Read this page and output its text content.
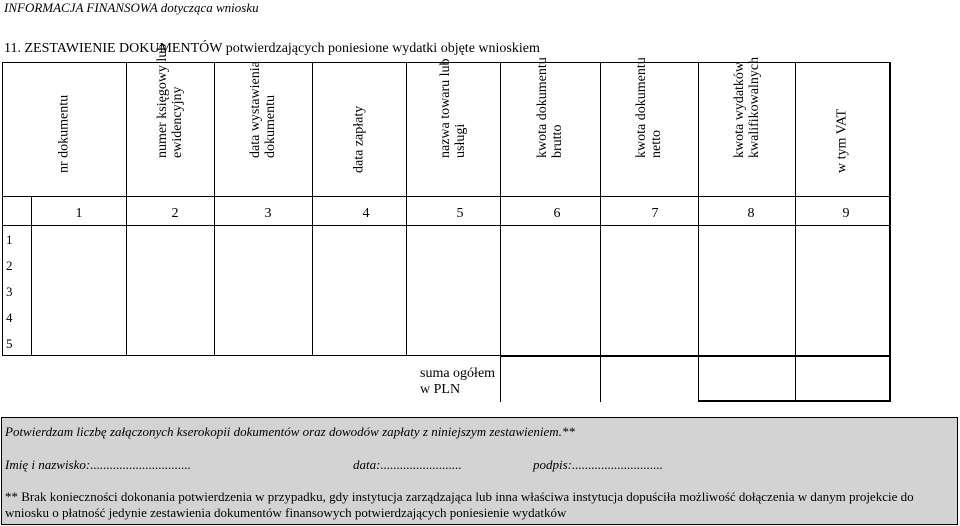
INFORMACJA FINANSOWA dotycząca wniosku
11. ZESTAWIENIE DOKUMENTÓW potwierdzających poniesione wydatki objęte wnioskiem
nr dokumentu	numer księgowy lub ewidencyjny	data wystawienia dokumentu	data zapłaty	nazwa towaru lub usługi	kwota dokumentu brutto	kwota dokumentu netto	kwota wydatków kwalifikowalnych	w tym VAT
1	2	3	4	5	6	7	8	9
1
2
3
4
5
suma ogółem
w PLN
Potwierdzam liczbę załączonych kserokopii dokumentów oraz dowodów zapłaty z niniejszym zestawieniem.**
Imię i nazwisko:...............................	data:.........................	podpis:............................
** Brak konieczności dokonania potwierdzenia w przypadku, gdy instytucja zarządzająca lub inna właściwa instytucja dopuściła możliwość dołączenia w danym projekcie do wniosku o płatność jedynie zestawienia dokumentów finansowych potwierdzających poniesienie wydatków
